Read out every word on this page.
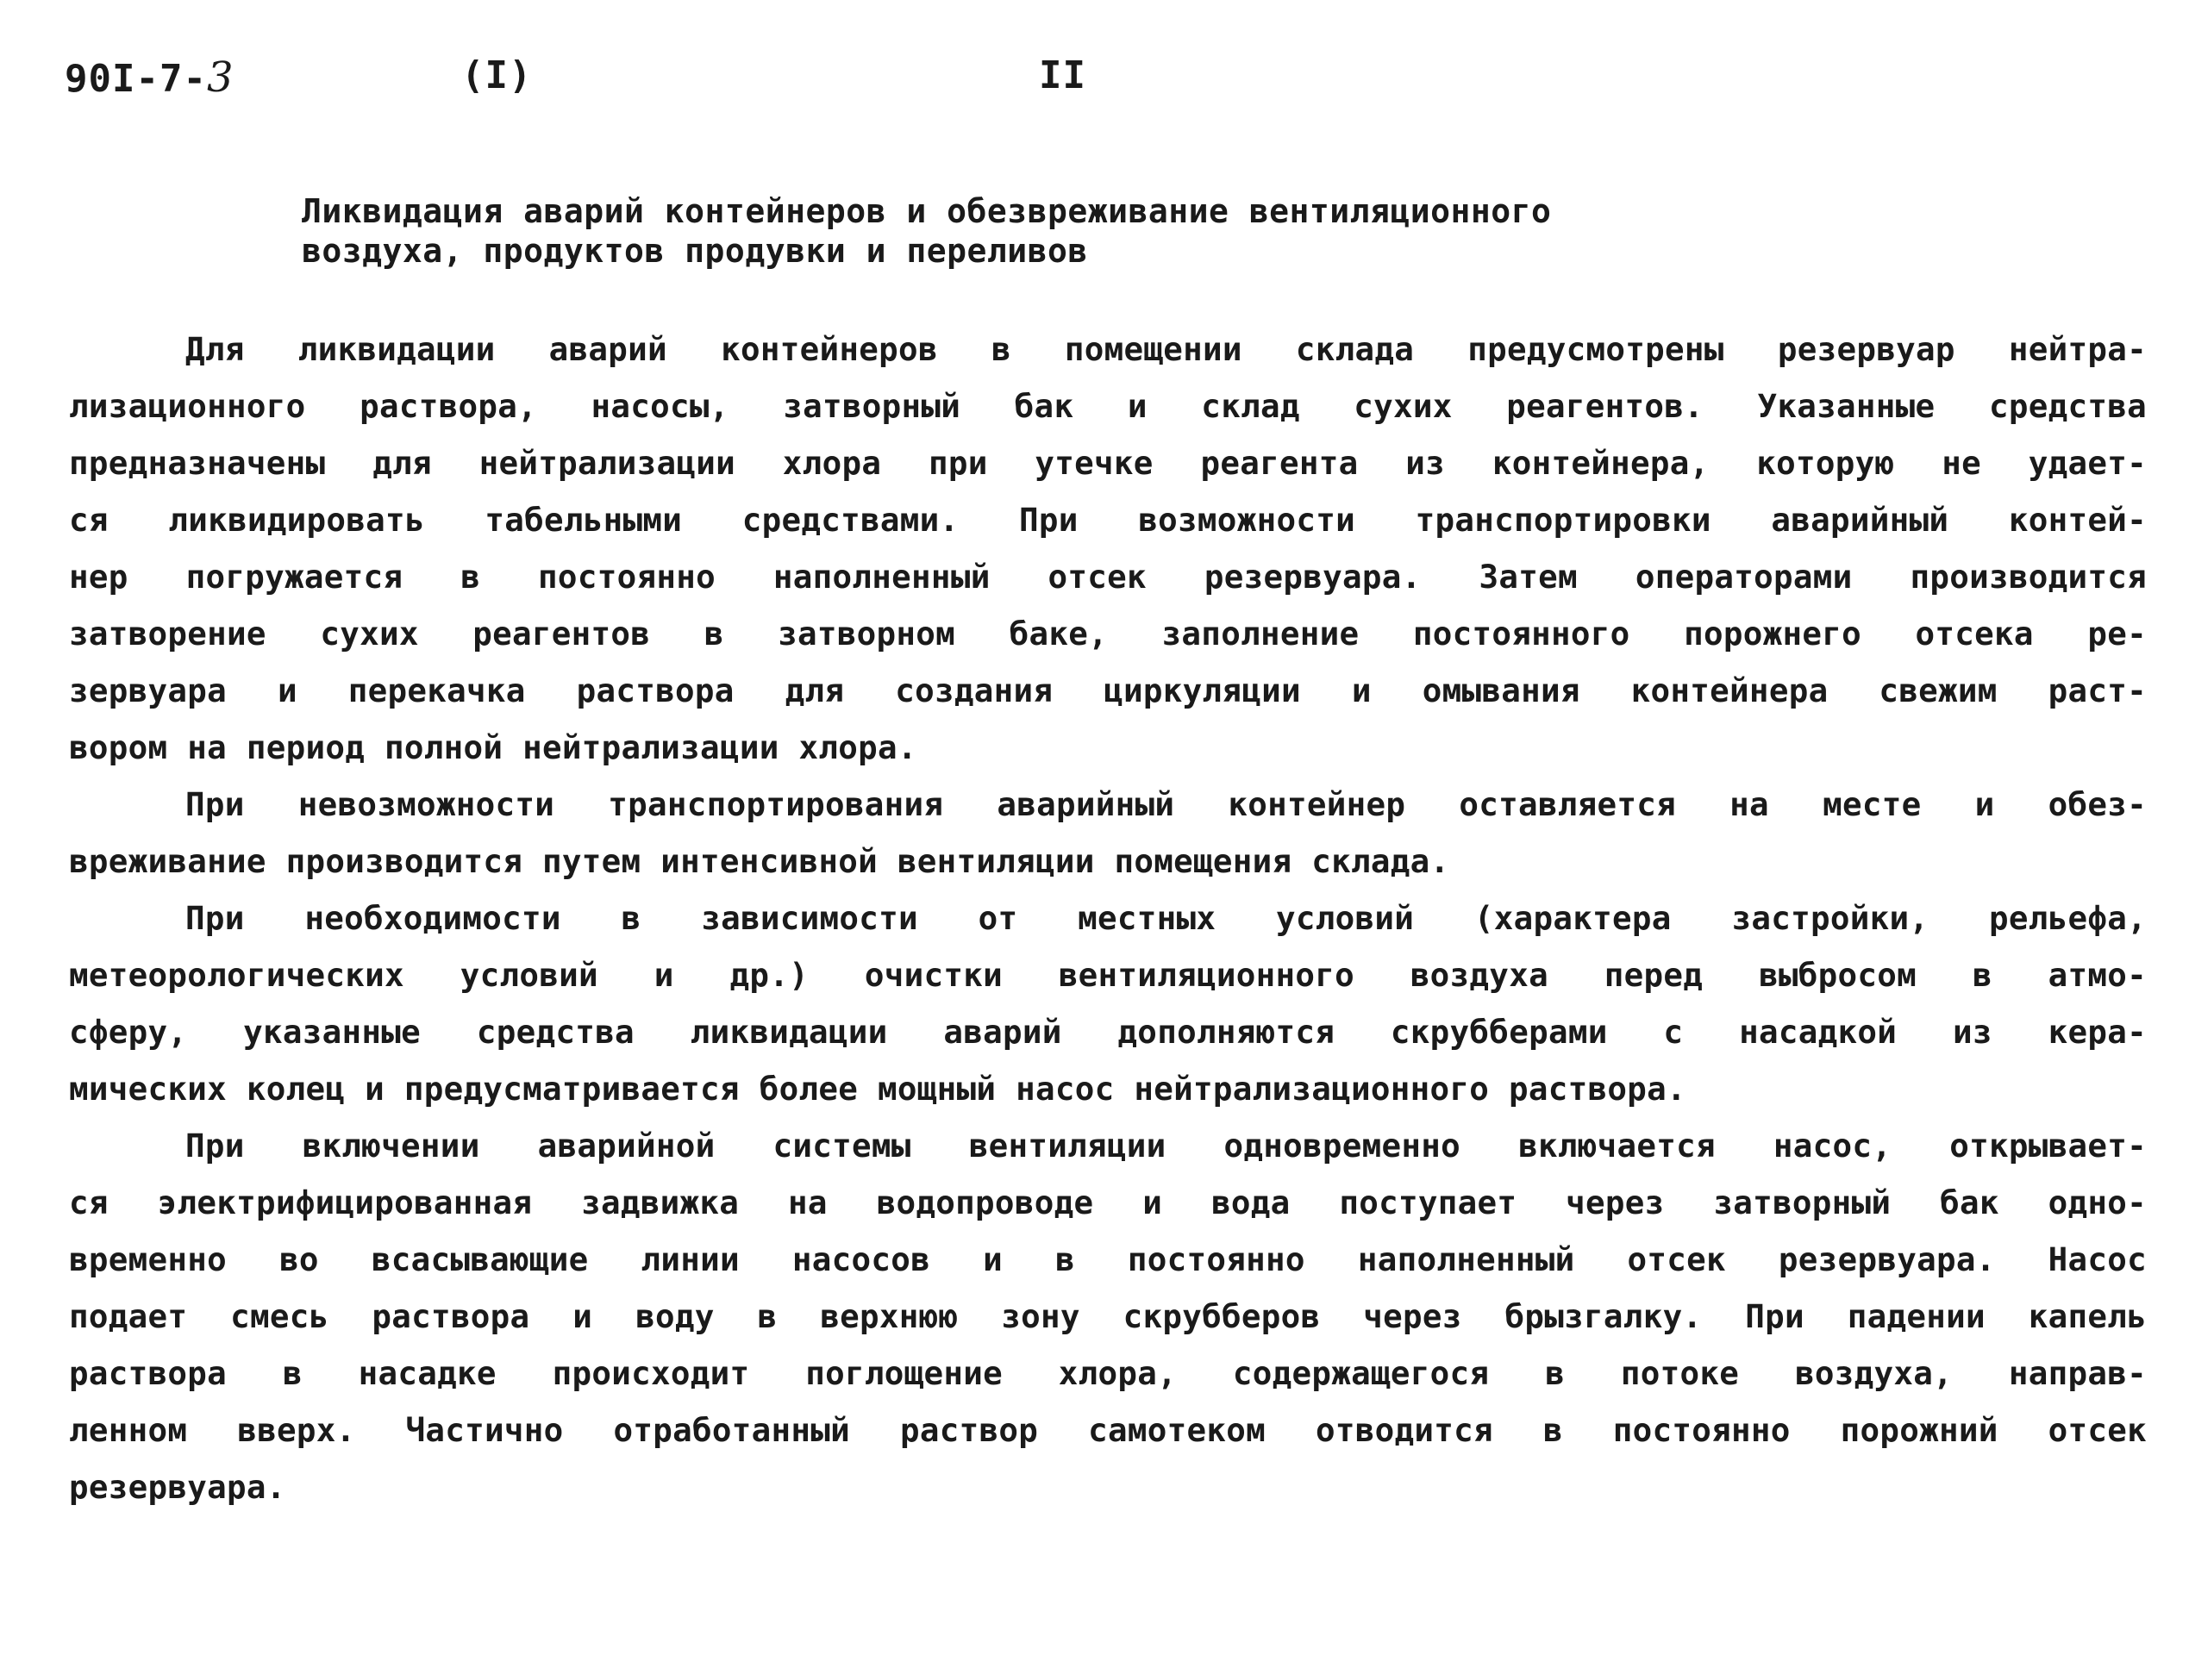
90I-7-3	(I)	II
Ликвидация аварий контейнеров и обезвреживание вентиляционного
воздуха, продуктов продувки и переливов
Для ликвидации аварий контейнеров в помещении склада предусмотрены резервуар нейтра-
лизационного раствора, насосы, затворный бак и склад сухих реагентов. Указанные средства
предназначены для нейтрализации хлора при утечке реагента из контейнера, которую не удает-
ся ликвидировать табельными средствами. При возможности транспортировки аварийный контей-
нер погружается в постоянно наполненный отсек резервуара. Затем операторами производится
затворение сухих реагентов в затворном баке, заполнение постоянного порожнего отсека ре-
зервуара и перекачка раствора для создания циркуляции и омывания контейнера свежим раст-
вором на период полной нейтрализации хлора.
При невозможности транспортирования аварийный контейнер оставляется на месте и обез-
вреживание производится путем интенсивной вентиляции помещения склада.
При необходимости в зависимости от местных условий (характера застройки, рельефа,
метеорологических условий и др.) очистки вентиляционного воздуха перед выбросом в атмо-
сферу, указанные средства ликвидации аварий дополняются скрубберами с насадкой из кера-
мических колец и предусматривается более мощный насос нейтрализационного раствора.
При включении аварийной системы вентиляции одновременно включается насос, открывает-
ся электрифицированная задвижка на водопроводе и вода поступает через затворный бак одно-
временно во всасывающие линии насосов и в постоянно наполненный отсек резервуара. Насос
подает смесь раствора и воду в верхнюю зону скрубберов через брызгалку. При падении капель
раствора в насадке происходит поглощение хлора, содержащегося в потоке воздуха, направ-
ленном вверх. Частично отработанный раствор самотеком отводится в постоянно порожний отсек
резервуара.
